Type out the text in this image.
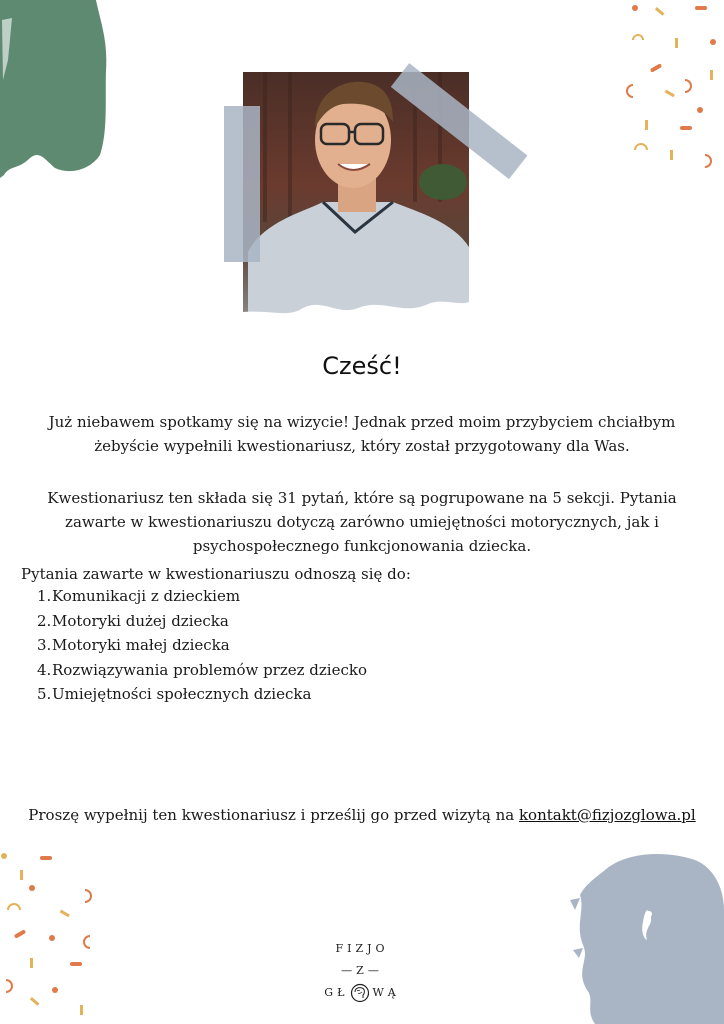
Cześć!
Już niebawem spotkamy się na wizycie! Jednak przed moim przybyciem chciałbym żebyście wypełnili kwestionariusz, który został przygotowany dla Was.
Kwestionariusz ten składa się 31 pytań, które są pogrupowane na 5 sekcji. Pytania zawarte w kwestionariuszu dotyczą zarówno umiejętności motorycznych, jak i psychospołecznego funkcjonowania dziecka.
Pytania zawarte w kwestionariuszu odnoszą się do:
1. Komunikacji z dzieckiem
2. Motoryki dużej dziecka
3. Motoryki małej dziecka
4. Rozwiązywania problemów przez dziecko
5. Umiejętności społecznych dziecka
Proszę wypełnij ten kwestionariusz i prześlij go przed wizytą na kontakt@fizjozglowa.pl
FIZJO
—Z—
GŁ WĄ
